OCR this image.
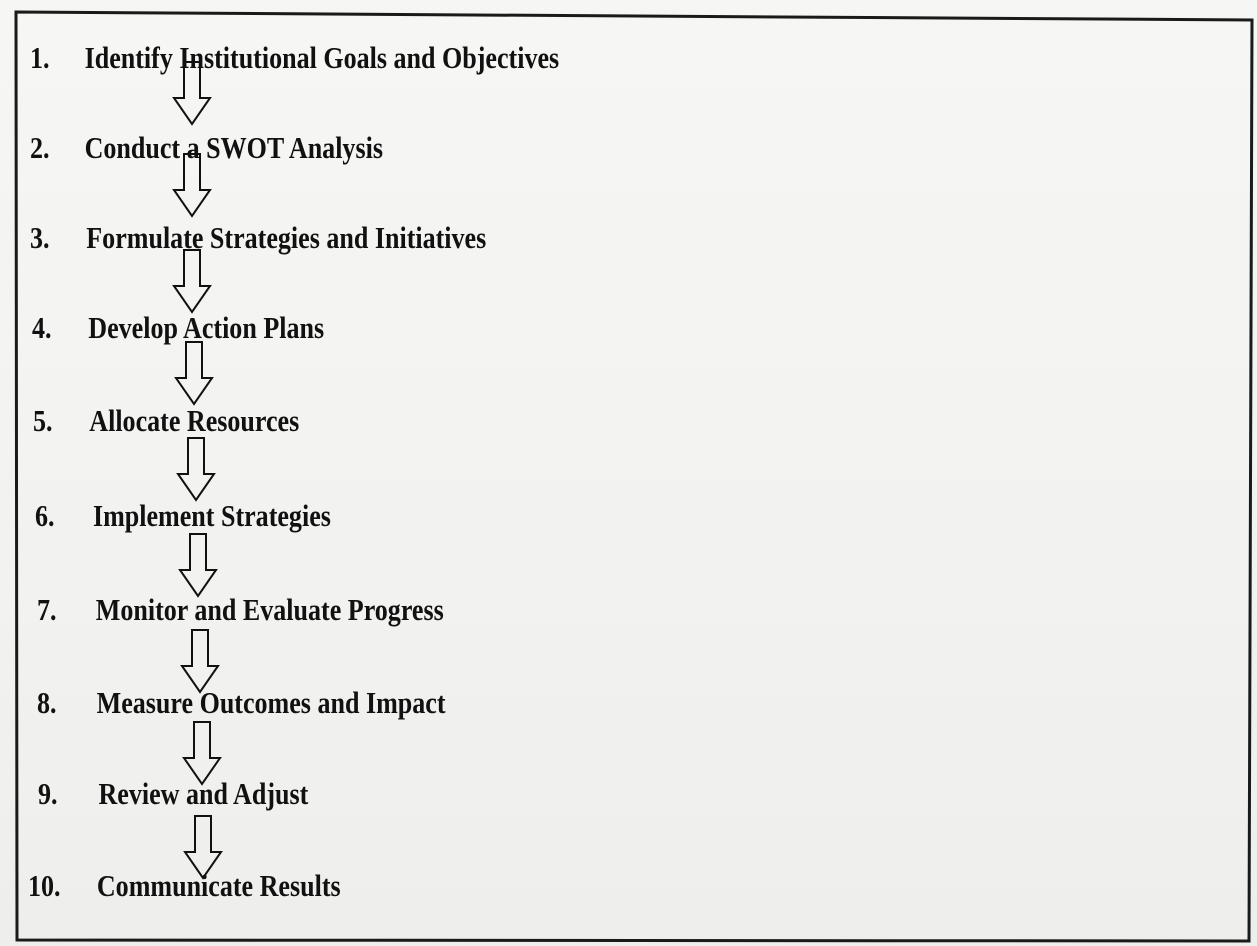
1. Identify Institutional Goals and Objectives
2. Conduct a SWOT Analysis
3. Formulate Strategies and Initiatives
4. Develop Action Plans
5. Allocate Resources
6. Implement Strategies
7. Monitor and Evaluate Progress
8. Measure Outcomes and Impact
9. Review and Adjust
10. Communicate Results
